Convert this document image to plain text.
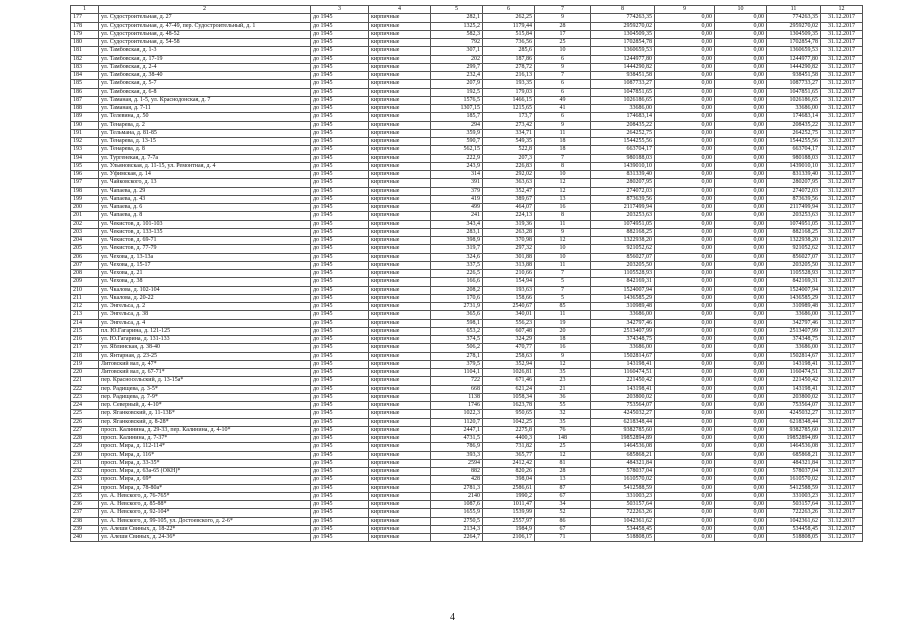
1	2	3	4	5	6	7	8	9	10	11	12
177	ул. Судостроительная, д. 27	до 1945	кирпичные	282,1	262,25	9	774263,35	0,00	0,00	774263,35	31.12.2017
178	ул. Судостроительная, д. 47-49, пер. Судостроительный, д. 1	до 1945	кирпичные	1325,2	1179,44	28	2959270,02	0,00	0,00	2959270,02	31.12.2017
179	ул. Судостроительная, д. 48-52	до 1945	кирпичные	582,3	515,84	17	1304509,35	0,00	0,00	1304509,35	31.12.2017
180	ул. Судостроительная, д. 54-58	до 1945	кирпичные	792	736,56	25	1702854,78	0,00	0,00	1702854,78	31.12.2017
181	ул. Тамбовская, д. 1-3	до 1945	кирпичные	307,1	285,6	10	1360659,53	0,00	0,00	1360659,53	31.12.2017
182	ул. Тамбовская, д. 17-19	до 1945	кирпичные	202	187,86	6	1244977,80	0,00	0,00	1244977,80	31.12.2017
183	ул. Тамбовская, д. 2-4	до 1945	кирпичные	299,7	278,72	9	1444290,82	0,00	0,00	1444290,82	31.12.2017
184	ул. Тамбовская, д. 38-40	до 1945	кирпичные	232,4	216,13	7	938451,58	0,00	0,00	938451,58	31.12.2017
185	ул. Тамбовская, д. 5-7	до 1945	кирпичные	207,9	193,35	6	1087733,27	0,00	0,00	1087733,27	31.12.2017
186	ул. Тамбовская, д. 6-8	до 1945	кирпичные	192,5	179,03	6	1047851,65	0,00	0,00	1047851,65	31.12.2017
187	ул. Таманая, д. 1-5, ул. Краснодонская, д. 7	до 1945	кирпичные	1576,5	1466,15	49	1026186,65	0,00	0,00	1026186,65	31.12.2017
188	ул. Таманая, д. 7-11	до 1945	кирпичные	1307,15	1215,65	41	33686,00	0,00	0,00	33686,00	31.12.2017
189	ул. Телевина, д. 50	до 1945	кирпичные	185,7	173,7	6	174683,14	0,00	0,00	174683,14	31.12.2017
190	ул. Тенарева, д. 2	до 1945	кирпичные	294	273,42	9	208435,22	0,00	0,00	208435,22	31.12.2017
191	ул. Тельмана, д. 81-85	до 1945	кирпичные	359,9	334,71	11	264252,75	0,00	0,00	264252,75	31.12.2017
192	ул. Тенарева, д. 13-15	до 1945	кирпичные	590,7	549,35	18	1544255,56	0,00	0,00	1544255,56	31.12.2017
193	ул. Тенарева, д. 8	до 1945	кирпичные	562,15	522,8	18	663704,17	0,00	0,00	663704,17	31.12.2017
194	ул. Тургенекая, д. 7-7а	до 1945	кирпичные	222,9	207,3	7	980188,03	0,00	0,00	980188,03	31.12.2017
195	ул. Ульяновская, д. 11-15, ул. Ремонтная, д. 4	до 1945	кирпичные	243,9	226,83	8	1439010,10	0,00	0,00	1439010,10	31.12.2017
196	ул. Уфимская, д. 14	до 1945	кирпичные	314	292,02	10	831339,40	0,00	0,00	831339,40	31.12.2017
197	ул. Чайковского, д. 13	до 1945	кирпичные	391	363,63	12	280207,95	0,00	0,00	280207,95	31.12.2017
198	ул. Чапаева, д. 29	до 1945	кирпичные	379	352,47	12	274072,03	0,00	0,00	274072,03	31.12.2017
199	ул. Чапаева, д. 43	до 1945	кирпичные	419	389,67	13	873639,56	0,00	0,00	873639,56	31.12.2017
200	ул. Чапаева, д. 6	до 1945	кирпичные	499	464,07	16	2117499,94	0,00	0,00	2117499,94	31.12.2017
201	ул. Чапаева, д. 8	до 1945	кирпичные	241	224,13	8	203253,63	0,00	0,00	203253,63	31.12.2017
202	ул. Чекистов, д. 101-103	до 1945	кирпичные	343,4	319,36	11	1074951,05	0,00	0,00	1074951,05	31.12.2017
203	ул. Чекистов, д. 133-135	до 1945	кирпичные	283,1	263,28	9	882168,25	0,00	0,00	882168,25	31.12.2017
204	ул. Чекистов, д. 69-71	до 1945	кирпичные	398,9	370,98	12	1322938,20	0,00	0,00	1322938,20	31.12.2017
205	ул. Чекистов, д. 77-79	до 1945	кирпичные	319,7	297,32	10	921052,62	0,00	0,00	921052,62	31.12.2017
206	ул. Чехова, д. 13-13а	до 1945	кирпичные	324,6	301,88	10	856027,07	0,00	0,00	856027,07	31.12.2017
207	ул. Чехова, д. 15-17	до 1945	кирпичные	337,5	313,88	11	203205,50	0,00	0,00	203205,50	31.12.2017
208	ул. Чехова, д. 21	до 1945	кирпичные	226,5	210,66	7	1105528,93	0,00	0,00	1105528,93	31.12.2017
209	ул. Чехова, д. 38	до 1945	кирпичные	166,6	154,94	5	842169,31	0,00	0,00	842169,31	31.12.2017
210	ул. Чкалова, д. 102-104	до 1945	кирпичные	208,2	193,63	7	1524007,94	0,00	0,00	1524007,94	31.12.2017
211	ул. Чкалова, д. 20-22	до 1945	кирпичные	170,6	158,66	5	1436585,29	0,00	0,00	1436585,29	31.12.2017
212	ул. Энгельса, д. 2	до 1945	кирпичные	2731,9	2540,67	85	310989,48	0,00	0,00	310989,48	31.12.2017
213	ул. Энгельса, д. 38	до 1945	кирпичные	365,6	340,01	11	33686,00	0,00	0,00	33686,00	31.12.2017
214	ул. Энгельса, д. 4	до 1945	кирпичные	598,1	556,23	19	342797,46	0,00	0,00	342797,46	31.12.2017
215	пл. Ю.Гагарина, д. 121-125	до 1945	кирпичные	653,2	607,48	20	2513407,99	0,00	0,00	2513407,99	31.12.2017
216	ул. Ю.Гагарина, д. 131-133	до 1945	кирпичные	374,5	324,29	18	374348,75	0,00	0,00	374348,75	31.12.2017
217	ул. Яблинская, д. 38-40	до 1945	кирпичные	506,2	470,77	16	33686,00	0,00	0,00	33686,00	31.12.2017
218	ул. Янтарная, д. 23-25	до 1945	кирпичные	278,1	258,63	9	1502814,67	0,00	0,00	1502814,67	31.12.2017
219	Литовский вал, д. 47*	до 1945	кирпичные	379,5	352,94	12	143198,41	0,00	0,00	143198,41	31.12.2017
220	Литовский вал, д. 67-71*	до 1945	кирпичные	1104,1	1026,81	35	1160474,51	0,00	0,00	1160474,51	31.12.2017
221	пер. Красносельский, д. 13-15а*	до 1945	кирпичные	722	671,46	23	221450,42	0,00	0,00	221450,42	31.12.2017
222	пер. Радищева, д. 3-5*	до 1945	кирпичные	668	621,24	21	143198,41	0,00	0,00	143198,41	31.12.2017
223	пер. Радищева, д. 7-9*	до 1945	кирпичные	1138	1058,34	36	203800,02	0,00	0,00	203800,02	31.12.2017
224	пер. Северный, д. 4-10*	до 1945	кирпичные	1746	1623,78	55	753564,07	0,00	0,00	753564,07	31.12.2017
225	пер. Яганковский, д. 11-13Б*	до 1945	кирпичные	1022,3	950,65	32	4245032,27	0,00	0,00	4245032,27	31.12.2017
226	пер. Яганковский, д. 8-28*	до 1945	кирпичные	1120,7	1042,25	35	6218348,44	0,00	0,00	6218348,44	31.12.2017
227	просп. Калинина, д. 29-33, пер. Калинина, д. 4-10*	до 1945	кирпичные	2447,1	2275,8	76	9382785,60	0,00	0,00	9382785,60	31.12.2017
228	просп. Калинина, д. 7-37*	до 1945	кирпичные	4731,5	4400,3	148	19852894,89	0,00	0,00	19852894,89	31.12.2017
229	просп. Мира, д. 112-114*	до 1945	кирпичные	786,9	731,82	25	1464536,08	0,00	0,00	1464536,08	31.12.2017
230	просп. Мира, д. 116*	до 1945	кирпичные	393,3	365,77	12	685868,21	0,00	0,00	685868,21	31.12.2017
231	просп. Мира, д. 33-35*	до 1945	кирпичные	2594	2412,42	81	484321,84	0,00	0,00	484321,84	31.12.2017
232	просп. Мира, д. 63а-65 (ОКН)*	до 1945	кирпичные	882	820,26	28	578037,04	0,00	0,00	578037,04	31.12.2017
233	просп. Мира, д. 69*	до 1945	кирпичные	428	398,04	13	1610570,02	0,00	0,00	1610570,02	31.12.2017
234	просп. Мира, д. 78-80а*	до 1945	кирпичные	2781,3	2586,61	87	5412588,59	0,00	0,00	5412588,59	31.12.2017
235	ул. А. Невского, д. 76-765*	до 1945	кирпичные	2140	1990,2	67	331003,23	0,00	0,00	331003,23	31.12.2017
236	ул. А. Невского, д. 85-88*	до 1945	кирпичные	1087,6	1011,47	34	503157,64	0,00	0,00	503157,64	31.12.2017
237	ул. А. Невского, д. 92-104*	до 1945	кирпичные	1655,9	1539,99	52	722263,26	0,00	0,00	722263,26	31.12.2017
238	ул. А. Невского, д. 99-105, ул. Достоевского, д. 2-6*	до 1945	кирпичные	2750,5	2557,97	86	1042361,62	0,00	0,00	1042361,62	31.12.2017
239	ул. Алеши Свиных, д. 18-22*	до 1945	кирпичные	2134,3	1984,9	67	534458,45	0,00	0,00	534458,45	31.12.2017
240	ул. Алеши Свиных, д. 24-36*	до 1945	кирпичные	2264,7	2106,17	71	518808,05	0,00	0,00	518808,05	31.12.2017
4
